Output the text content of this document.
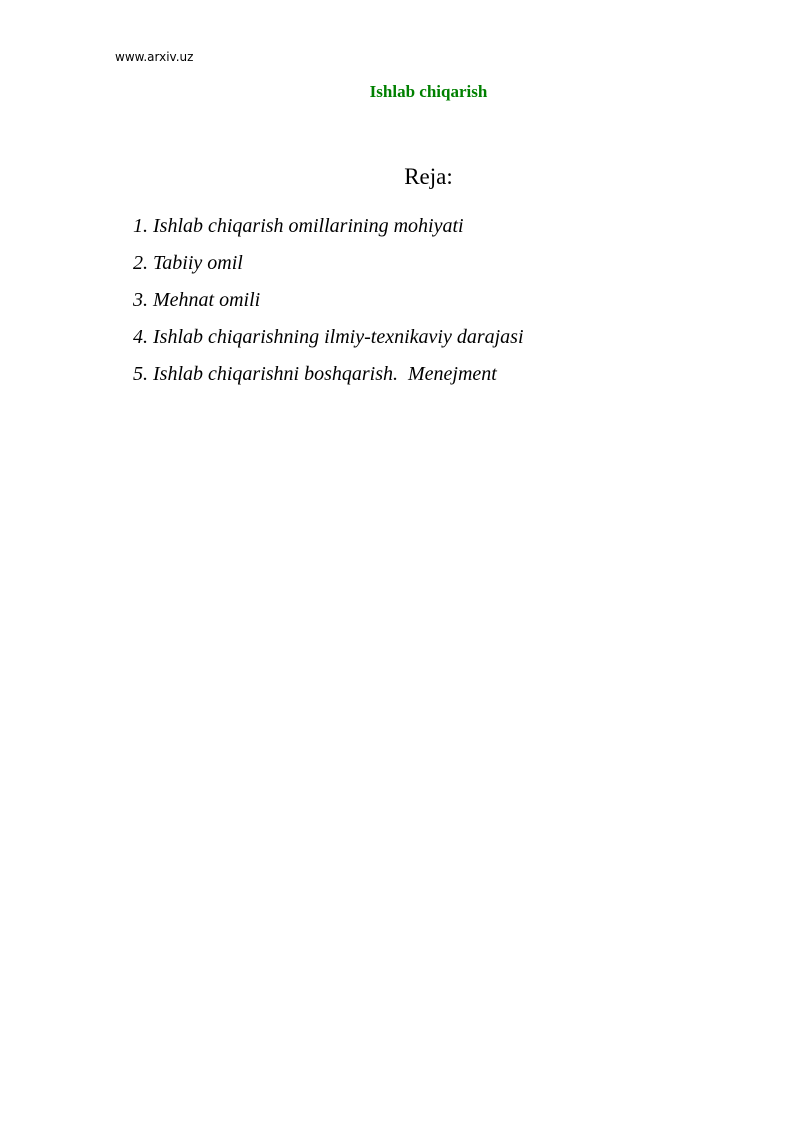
www.arxiv.uz
Ishlab chiqarish
Reja:
1. Ishlab chiqarish omillarining mohiyati
2. Tabiiy omil
3. Mehnat omili
4. Ishlab chiqarishning ilmiy-texnikaviy darajasi
5. Ishlab chiqarishni boshqarish.  Menejment
